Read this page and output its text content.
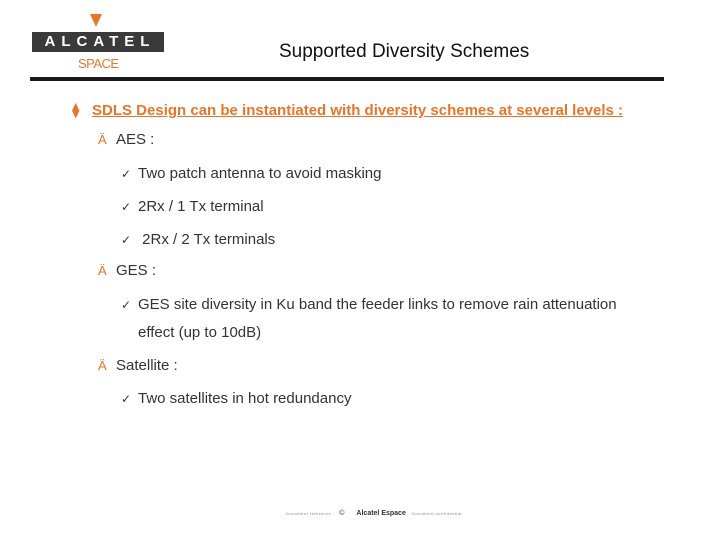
ALCATEL
SPACE
Supported Diversity Schemes
⧫ SDLS Design can be instantiated with diversity schemes at several levels :
Ä AES :
✓ Two patch antenna to avoid masking
✓ 2Rx / 1 Tx terminal
✓ 2Rx / 2 Tx terminals
Ä GES :
✓ GES site diversity in Ku band the feeder links to remove rain attenuation
effect (up to 10dB)
Ä Satellite :
✓ Two satellites in hot redundancy
Document reference © Alcatel Espace Document confidential
